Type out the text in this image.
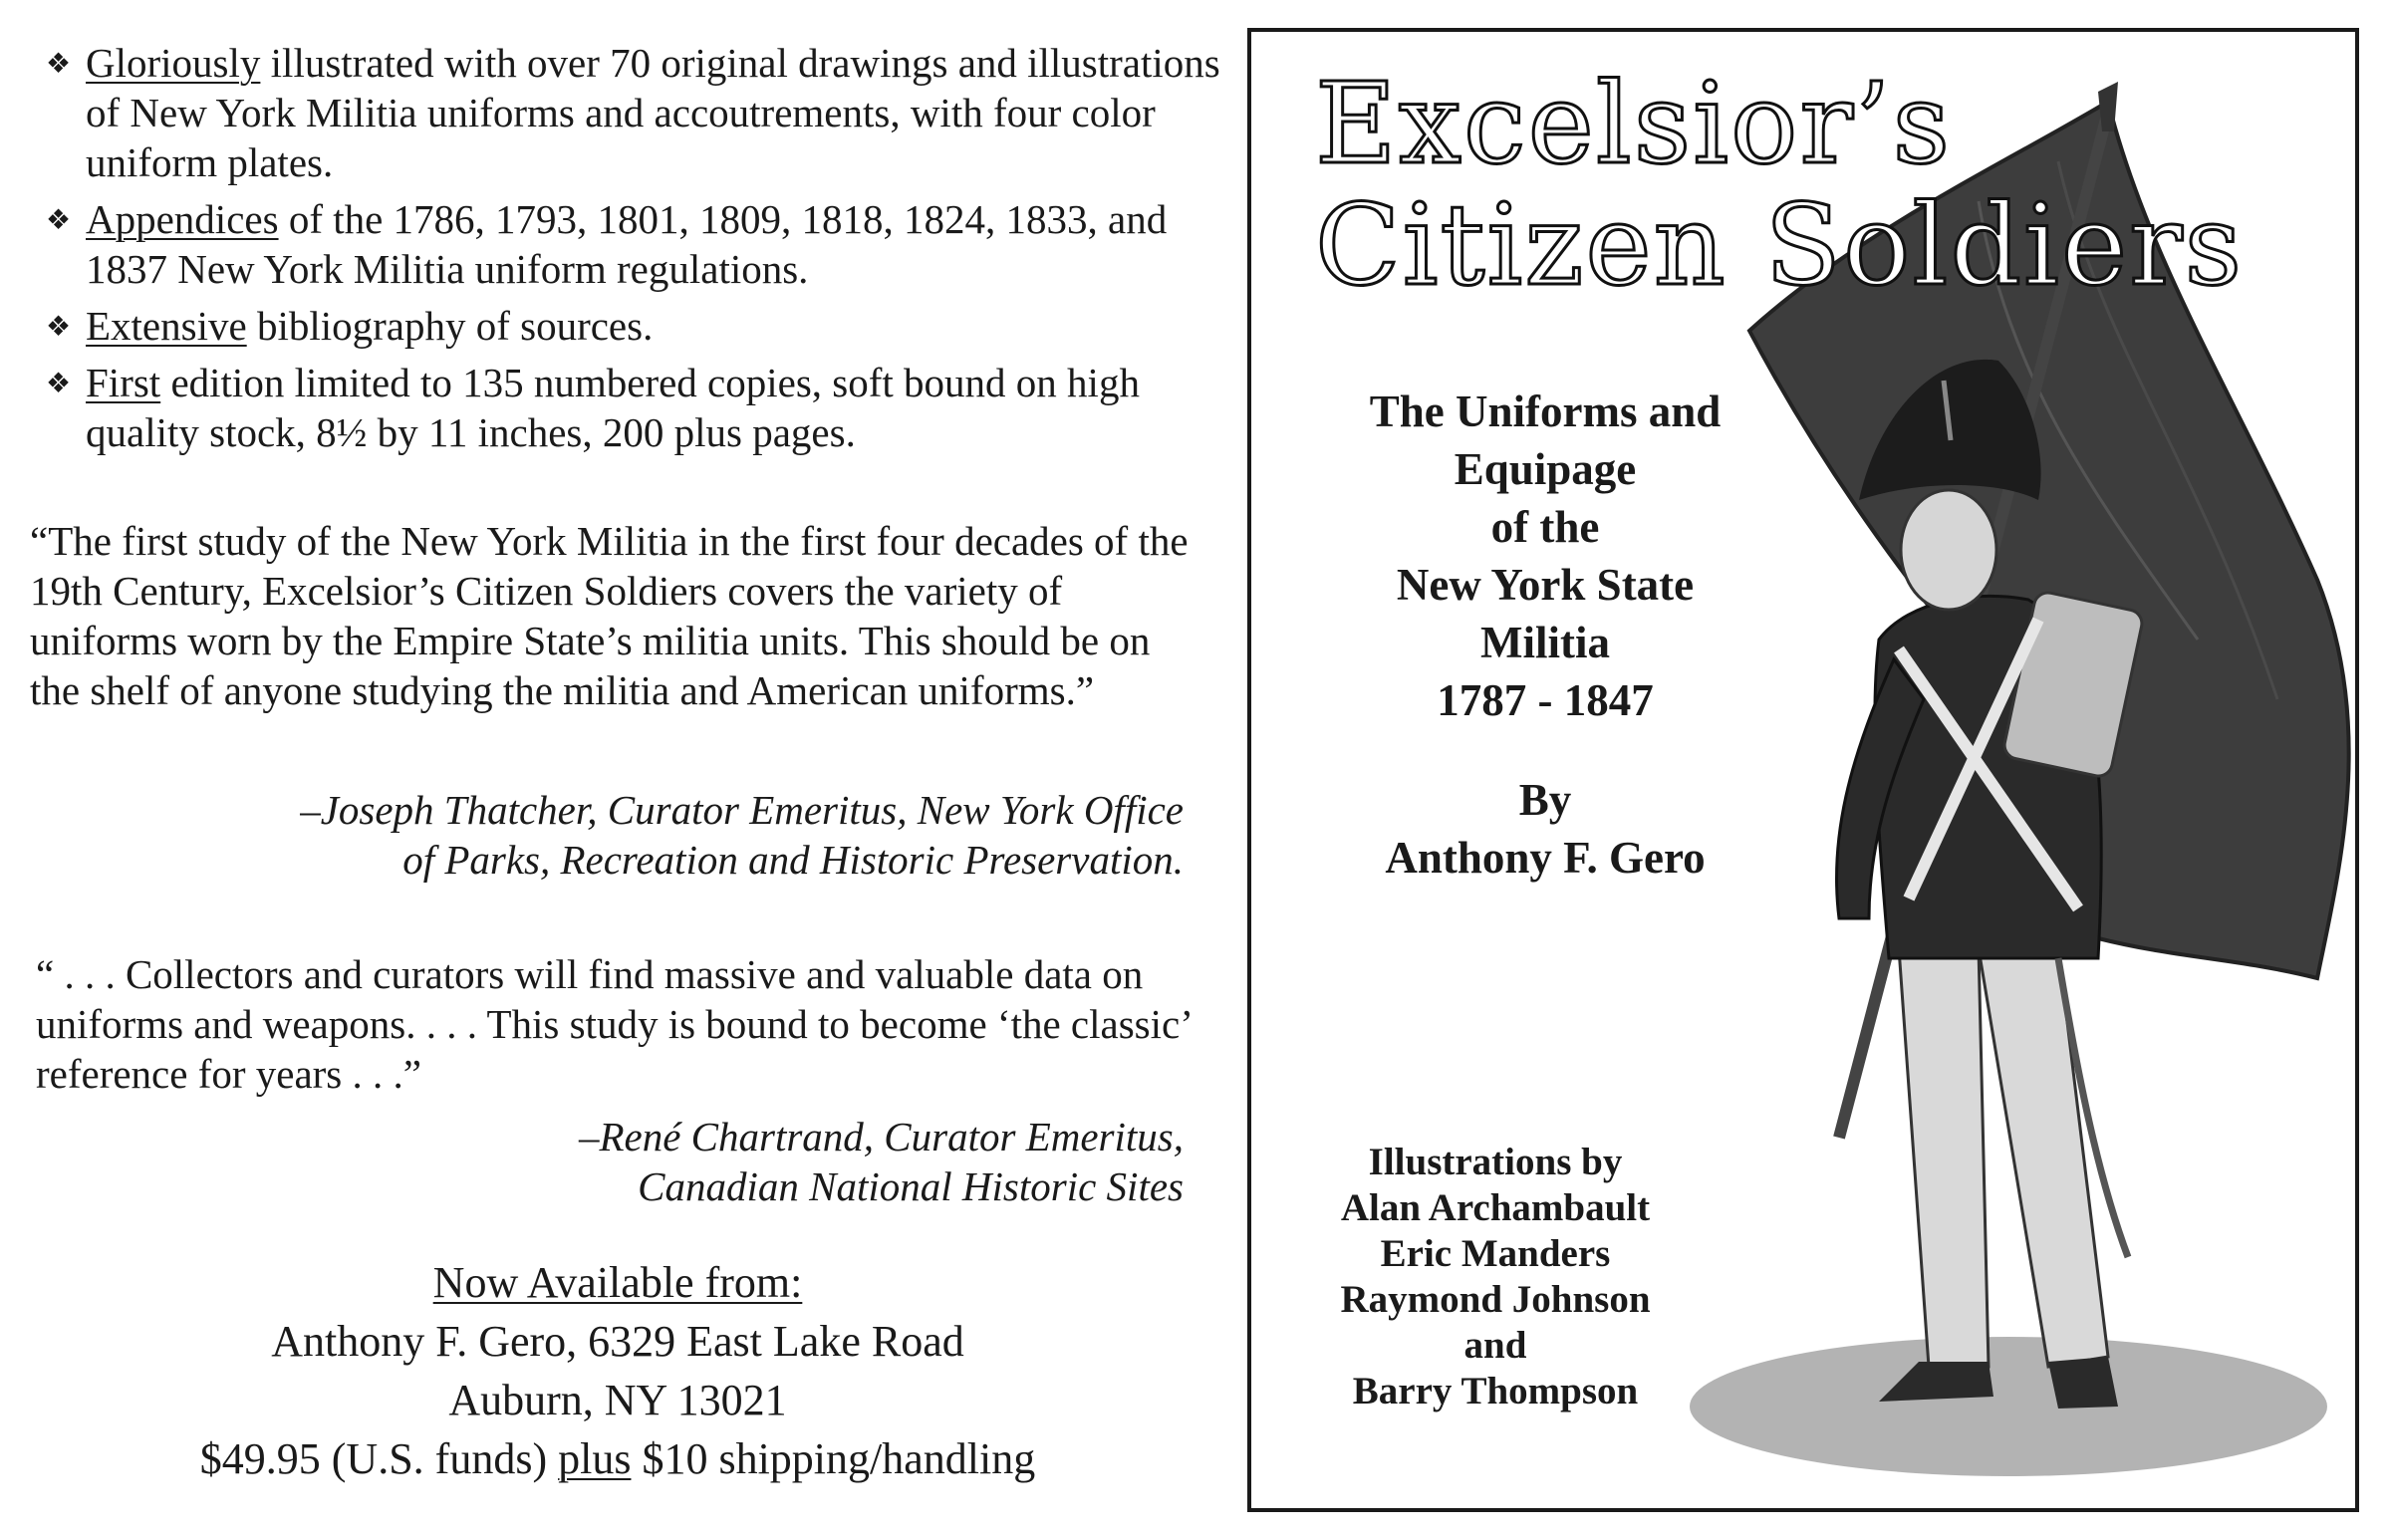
❖ Gloriously illustrated with over 70 original drawings and illustrations of New York Militia uniforms and accoutrements, with four color uniform plates.
❖ Appendices of the 1786, 1793, 1801, 1809, 1818, 1824, 1833, and 1837 New York Militia uniform regulations.
❖ Extensive bibliography of sources.
❖ First edition limited to 135 numbered copies, soft bound on high quality stock, 8½ by 11 inches, 200 plus pages.

“The first study of the New York Militia in the first four decades of the 19th Century, Excelsior’s Citizen Soldiers covers the variety of uniforms worn by the Empire State’s militia units. This should be on the shelf of anyone studying the militia and American uniforms.”

–Joseph Thatcher, Curator Emeritus, New York Office
of Parks, Recreation and Historic Preservation.

“ . . . Collectors and curators will find massive and valuable data on uniforms and weapons. . . . This study is bound to become ‘the classic’ reference for years . . .”

–René Chartrand, Curator Emeritus,
Canadian National Historic Sites

Now Available from:
Anthony F. Gero, 6329 East Lake Road
Auburn, NY 13021
$49.95 (U.S. funds) plus $10 shipping/handling
Excelsior’s
Citizen Soldiers
The Uniforms and
Equipage
of the
New York State
Militia
1787 - 1847
By
Anthony F. Gero
Illustrations by
Alan Archambault
Eric Manders
Raymond Johnson
and
Barry Thompson
